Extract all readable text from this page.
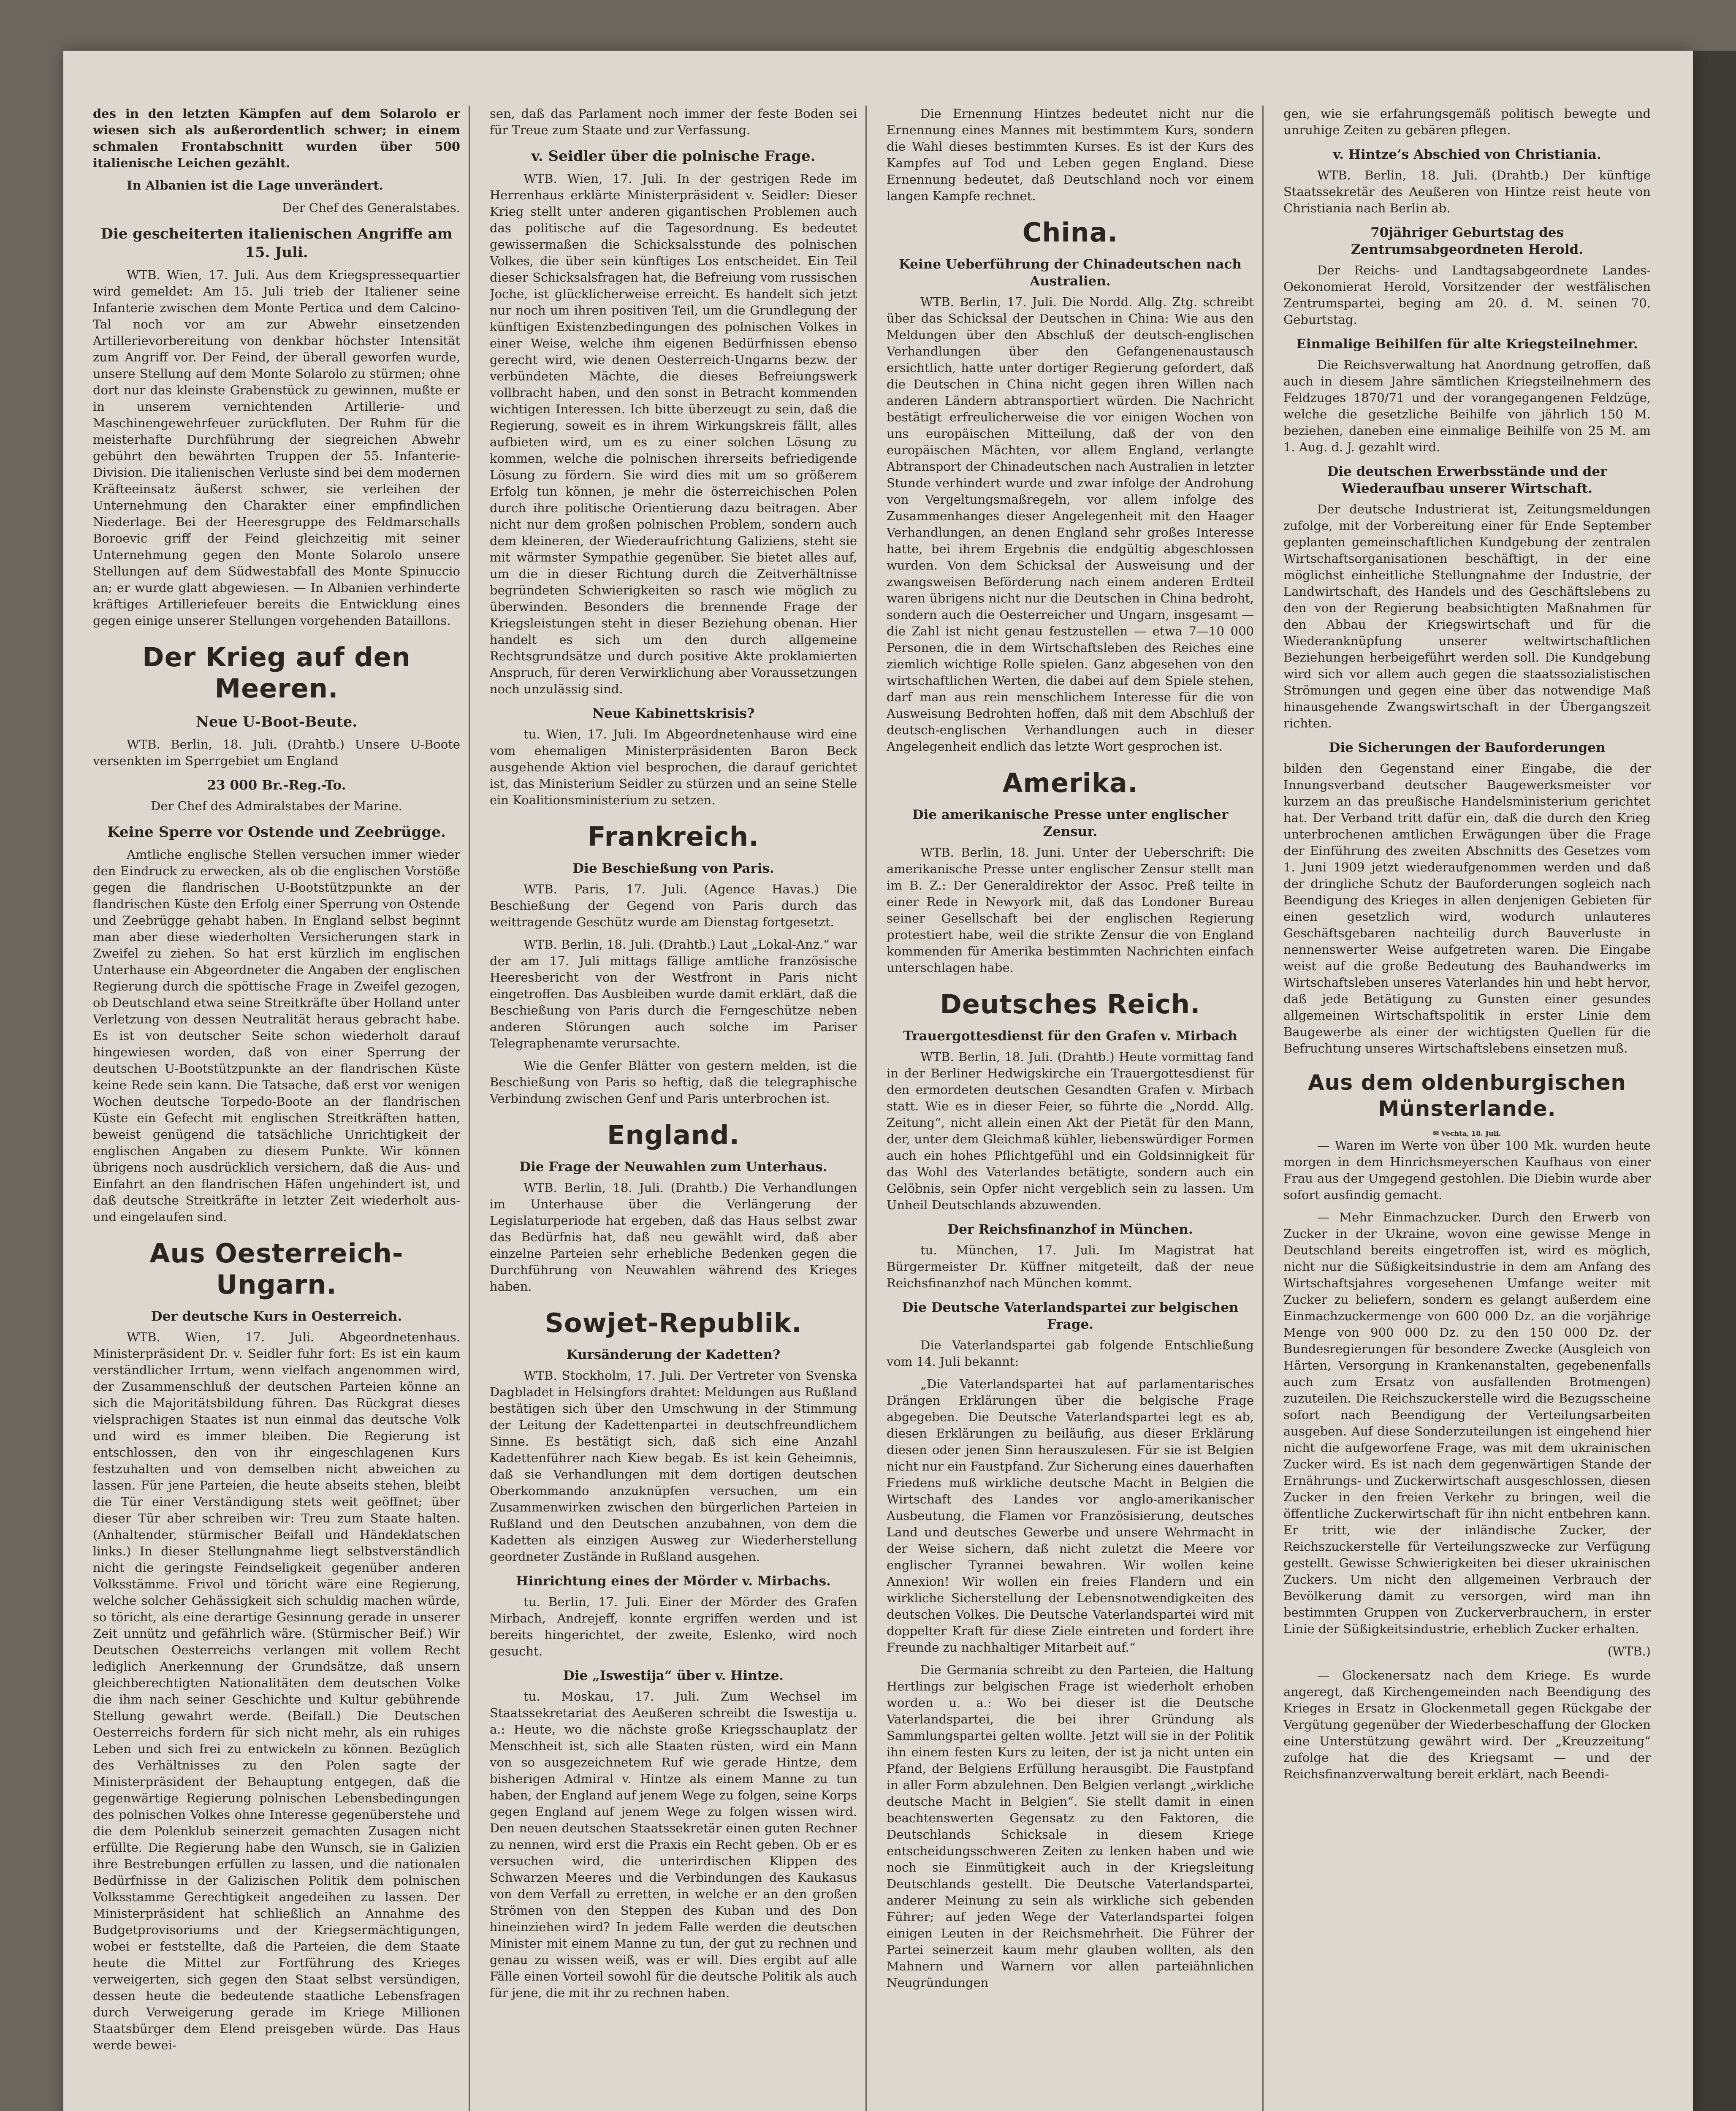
des in den letzten Kämpfen auf dem Solarolo er wiesen sich als außerordentlich schwer; in einem schmalen Frontabschnitt wurden über 500 italienische Leichen gezählt.

In Albanien ist die Lage unverändert.

Der Chef des Generalstabes.
Die gescheiterten italienischen Angriffe am 15. Juli.

WTB. Wien, 17. Juli. Aus dem Kriegspressequartier wird gemeldet: Am 15. Juli trieb der Italiener seine Infanterie zwischen dem Monte Pertica und dem Calcino-Tal noch vor am zur Abwehr einsetzenden Artillerievorbereitung von denkbar höchster Intensität zum Angriff vor. Der Feind, der überall geworfen wurde, unsere Stellung auf dem Monte Solarolo zu stürmen; ohne dort nur das kleinste Grabenstück zu gewinnen, mußte er in unserem vernichtenden Artillerie- und Maschinengewehrfeuer zurückfluten. Der Ruhm für die meisterhafte Durchführung der siegreichen Abwehr gebührt den bewährten Truppen der 55. Infanterie-Division. Die italienischen Verluste sind bei dem modernen Kräfteeinsatz äußerst schwer, sie verleihen der Unternehmung den Charakter einer empfindlichen Niederlage. Bei der Heeresgruppe des Feldmarschalls Boroevic griff der Feind gleichzeitig mit seiner Unternehmung gegen den Monte Solarolo unsere Stellungen auf dem Südwestabfall des Monte Spinuccio an; er wurde glatt abgewiesen. — In Albanien verhinderte kräftiges Artilleriefeuer bereits die Entwicklung eines gegen einige unserer Stellungen vorgehenden Bataillons.

Der Krieg auf den Meeren.
Neue U-Boot-Beute.

WTB. Berlin, 18. Juli. (Drahtb.) Unsere U-Boote versenkten im Sperrgebiet um England

23 000 Br.-Reg.-To.
Der Chef des Admiralstabes der Marine.
Keine Sperre vor Ostende und Zeebrügge.

Amtliche englische Stellen versuchen immer wieder den Eindruck zu erwecken, als ob die englischen Vorstöße gegen die flandrischen U-Bootstützpunkte an der flandrischen Küste den Erfolg einer Sperrung von Ostende und Zeebrügge gehabt haben. In England selbst beginnt man aber diese wiederholten Versicherungen stark in Zweifel zu ziehen. So hat erst kürzlich im englischen Unterhause ein Abgeordneter die Angaben der englischen Regierung durch die spöttische Frage in Zweifel gezogen, ob Deutschland etwa seine Streitkräfte über Holland unter Verletzung von dessen Neutralität heraus gebracht habe. Es ist von deutscher Seite schon wiederholt darauf hingewiesen worden, daß von einer Sperrung der deutschen U-Bootstützpunkte an der flandrischen Küste keine Rede sein kann. Die Tatsache, daß erst vor wenigen Wochen deutsche Torpedo-Boote an der flandrischen Küste ein Gefecht mit englischen Streitkräften hatten, beweist genügend die tatsächliche Unrichtigkeit der englischen Angaben zu diesem Punkte. Wir können übrigens noch ausdrücklich versichern, daß die Aus- und Einfahrt an den flandrischen Häfen ungehindert ist, und daß deutsche Streitkräfte in letzter Zeit wiederholt aus- und eingelaufen sind.

Aus Oesterreich-Ungarn.
Der deutsche Kurs in Oesterreich.

WTB. Wien, 17. Juli. Abgeordnetenhaus. Ministerpräsident Dr. v. Seidler fuhr fort: Es ist ein kaum verständlicher Irrtum, wenn vielfach angenommen wird, der Zusammenschluß der deutschen Parteien könne an sich die Majoritätsbildung führen. Das Rückgrat dieses vielsprachigen Staates ist nun einmal das deutsche Volk und wird es immer bleiben. Die Regierung ist entschlossen, den von ihr eingeschlagenen Kurs festzuhalten und von demselben nicht abweichen zu lassen. Für jene Parteien, die heute abseits stehen, bleibt die Tür einer Verständigung stets weit geöffnet; über dieser Tür aber schreiben wir: Treu zum Staate halten. (Anhaltender, stürmischer Beifall und Händeklatschen links.) In dieser Stellungnahme liegt selbstverständlich nicht die geringste Feindseligkeit gegenüber anderen Volksstämme. Frivol und töricht wäre eine Regierung, welche solcher Gehässigkeit sich schuldig machen würde, so töricht, als eine derartige Gesinnung gerade in unserer Zeit unnütz und gefährlich wäre. (Stürmischer Beif.) Wir Deutschen Oesterreichs verlangen mit vollem Recht lediglich Anerkennung der Grundsätze, daß unsern gleichberechtigten Nationalitäten dem deutschen Volke die ihm nach seiner Geschichte und Kultur gebührende Stellung gewahrt werde. (Beifall.) Die Deutschen Oesterreichs fordern für sich nicht mehr, als ein ruhiges Leben und sich frei zu entwickeln zu können. Bezüglich des Verhältnisses zu den Polen sagte der Ministerpräsident der Behauptung entgegen, daß die gegenwärtige Regierung polnischen Lebensbedingungen des polnischen Volkes ohne Interesse gegenüberstehe und die dem Polenklub seinerzeit gemachten Zusagen nicht erfüllte. Die Regierung habe den Wunsch, sie in Galizien ihre Bestrebungen erfüllen zu lassen, und die nationalen Bedürfnisse in der Galizischen Politik dem polnischen Volksstamme Gerechtigkeit angedeihen zu lassen. Der Ministerpräsident hat schließlich an Annahme des Budgetprovisoriums und der Kriegsermächtigungen, wobei er feststellte, daß die Parteien, die dem Staate heute die Mittel zur Fortführung des Krieges verweigerten, sich gegen den Staat selbst versündigen, dessen heute die bedeutende staatliche Lebensfragen durch Verweigerung gerade im Kriege Millionen Staatsbürger dem Elend preisgeben würde. Das Haus werde bewei-

sen, daß das Parlament noch immer der feste Boden sei für Treue zum Staate und zur Verfassung.

v. Seidler über die polnische Frage.

WTB. Wien, 17. Juli. In der gestrigen Rede im Herrenhaus erklärte Ministerpräsident v. Seidler: Dieser Krieg stellt unter anderen gigantischen Problemen auch das politische auf die Tagesordnung. Es bedeutet gewissermaßen die Schicksalsstunde des polnischen Volkes, die über sein künftiges Los entscheidet. Ein Teil dieser Schicksalsfragen hat, die Befreiung vom russischen Joche, ist glücklicherweise erreicht. Es handelt sich jetzt nur noch um ihren positiven Teil, um die Grundlegung der künftigen Existenzbedingungen des polnischen Volkes in einer Weise, welche ihm eigenen Bedürfnissen ebenso gerecht wird, wie denen Oesterreich-Ungarns bezw. der verbündeten Mächte, die dieses Befreiungswerk vollbracht haben, und den sonst in Betracht kommenden wichtigen Interessen. Ich bitte überzeugt zu sein, daß die Regierung, soweit es in ihrem Wirkungskreis fällt, alles aufbieten wird, um es zu einer solchen Lösung zu kommen, welche die polnischen ihrerseits befriedigende Lösung zu fördern. Sie wird dies mit um so größerem Erfolg tun können, je mehr die österreichischen Polen durch ihre politische Orientierung dazu beitragen. Aber nicht nur dem großen polnischen Problem, sondern auch dem kleineren, der Wiederaufrichtung Galiziens, steht sie mit wärmster Sympathie gegenüber. Sie bietet alles auf, um die in dieser Richtung durch die Zeitverhältnisse begründeten Schwierigkeiten so rasch wie möglich zu überwinden. Besonders die brennende Frage der Kriegsleistungen steht in dieser Beziehung obenan. Hier handelt es sich um den durch allgemeine Rechtsgrundsätze und durch positive Akte proklamierten Anspruch, für deren Verwirklichung aber Voraussetzungen noch unzulässig sind.

Neue Kabinettskrisis?

tu. Wien, 17. Juli. Im Abgeordnetenhause wird eine vom ehemaligen Ministerpräsidenten Baron Beck ausgehende Aktion viel besprochen, die darauf gerichtet ist, das Ministerium Seidler zu stürzen und an seine Stelle ein Koalitionsministerium zu setzen.

Frankreich.
Die Beschießung von Paris.

WTB. Paris, 17. Juli. (Agence Havas.) Die Beschießung der Gegend von Paris durch das weittragende Geschütz wurde am Dienstag fortgesetzt.

WTB. Berlin, 18. Juli. (Drahtb.) Laut „Lokal-Anz.“ war der am 17. Juli mittags fällige amtliche französische Heeresbericht von der Westfront in Paris nicht eingetroffen. Das Ausbleiben wurde damit erklärt, daß die Beschießung von Paris durch die Ferngeschütze neben anderen Störungen auch solche im Pariser Telegraphenamte verursachte.

Wie die Genfer Blätter von gestern melden, ist die Beschießung von Paris so heftig, daß die telegraphische Verbindung zwischen Genf und Paris unterbrochen ist.

England.
Die Frage der Neuwahlen zum Unterhaus.

WTB. Berlin, 18. Juli. (Drahtb.) Die Verhandlungen im Unterhause über die Verlängerung der Legislaturperiode hat ergeben, daß das Haus selbst zwar das Bedürfnis hat, daß neu gewählt wird, daß aber einzelne Parteien sehr erhebliche Bedenken gegen die Durchführung von Neuwahlen während des Krieges haben.

Sowjet-Republik.
Kursänderung der Kadetten?

WTB. Stockholm, 17. Juli. Der Vertreter von Svenska Dagbladet in Helsingfors drahtet: Meldungen aus Rußland bestätigen sich über den Umschwung in der Stimmung der Leitung der Kadettenpartei in deutschfreundlichem Sinne. Es bestätigt sich, daß sich eine Anzahl Kadettenführer nach Kiew begab. Es ist kein Geheimnis, daß sie Verhandlungen mit dem dortigen deutschen Oberkommando anzuknüpfen versuchen, um ein Zusammenwirken zwischen den bürgerlichen Parteien in Rußland und den Deutschen anzubahnen, von dem die Kadetten als einzigen Ausweg zur Wiederherstellung geordneter Zustände in Rußland ausgehen.

Hinrichtung eines der Mörder v. Mirbachs.

tu. Berlin, 17. Juli. Einer der Mörder des Grafen Mirbach, Andrejeff, konnte ergriffen werden und ist bereits hingerichtet, der zweite, Eslenko, wird noch gesucht.

Die „Iswestija“ über v. Hintze.

tu. Moskau, 17. Juli. Zum Wechsel im Staatssekretariat des Aeußeren schreibt die Iswestija u. a.: Heute, wo die nächste große Kriegsschauplatz der Menschheit ist, sich alle Staaten rüsten, wird ein Mann von so ausgezeichnetem Ruf wie gerade Hintze, dem bisherigen Admiral v. Hintze als einem Manne zu tun haben, der England auf jenem Wege zu folgen, seine Korps gegen England auf jenem Wege zu folgen wissen wird. Den neuen deutschen Staatssekretär einen guten Rechner zu nennen, wird erst die Praxis ein Recht geben. Ob er es versuchen wird, die unterirdischen Klippen des Schwarzen Meeres und die Verbindungen des Kaukasus von dem Verfall zu erretten, in welche er an den großen Strömen von den Steppen des Kuban und des Don hineinziehen wird? In jedem Falle werden die deutschen Minister mit einem Manne zu tun, der gut zu rechnen und genau zu wissen weiß, was er will. Dies ergibt auf alle Fälle einen Vorteil sowohl für die deutsche Politik als auch für jene, die mit ihr zu rechnen haben.

Die Ernennung Hintzes bedeutet nicht nur die Ernennung eines Mannes mit bestimmtem Kurs, sondern die Wahl dieses bestimmten Kurses. Es ist der Kurs des Kampfes auf Tod und Leben gegen England. Diese Ernennung bedeutet, daß Deutschland noch vor einem langen Kampfe rechnet.

China.
Keine Ueberführung der Chinadeutschen nach Australien.

WTB. Berlin, 17. Juli. Die Nordd. Allg. Ztg. schreibt über das Schicksal der Deutschen in China: Wie aus den Meldungen über den Abschluß der deutsch-englischen Verhandlungen über den Gefangenenaustausch ersichtlich, hatte unter dortiger Regierung gefordert, daß die Deutschen in China nicht gegen ihren Willen nach anderen Ländern abtransportiert würden. Die Nachricht bestätigt erfreulicherweise die vor einigen Wochen von uns europäischen Mitteilung, daß der von den europäischen Mächten, vor allem England, verlangte Abtransport der Chinadeutschen nach Australien in letzter Stunde verhindert wurde und zwar infolge der Androhung von Vergeltungsmaßregeln, vor allem infolge des Zusammenhanges dieser Angelegenheit mit den Haager Verhandlungen, an denen England sehr großes Interesse hatte, bei ihrem Ergebnis die endgültig abgeschlossen wurden. Von dem Schicksal der Ausweisung und der zwangsweisen Beförderung nach einem anderen Erdteil waren übrigens nicht nur die Deutschen in China bedroht, sondern auch die Oesterreicher und Ungarn, insgesamt — die Zahl ist nicht genau festzustellen — etwa 7—10 000 Personen, die in dem Wirtschaftsleben des Reiches eine ziemlich wichtige Rolle spielen. Ganz abgesehen von den wirtschaftlichen Werten, die dabei auf dem Spiele stehen, darf man aus rein menschlichem Interesse für die von Ausweisung Bedrohten hoffen, daß mit dem Abschluß der deutsch-englischen Verhandlungen auch in dieser Angelegenheit endlich das letzte Wort gesprochen ist.

Amerika.
Die amerikanische Presse unter englischer Zensur.

WTB. Berlin, 18. Juni. Unter der Ueberschrift: Die amerikanische Presse unter englischer Zensur stellt man im B. Z.: Der Generaldirektor der Assoc. Preß teilte in einer Rede in Newyork mit, daß das Londoner Bureau seiner Gesellschaft bei der englischen Regierung protestiert habe, weil die strikte Zensur die von England kommenden für Amerika bestimmten Nachrichten einfach unterschlagen habe.

Deutsches Reich.
Trauergottesdienst für den Grafen v. Mirbach

WTB. Berlin, 18. Juli. (Drahtb.) Heute vormittag fand in der Berliner Hedwigskirche ein Trauergottesdienst für den ermordeten deutschen Gesandten Grafen v. Mirbach statt. Wie es in dieser Feier, so führte die „Nordd. Allg. Zeitung“, nicht allein einen Akt der Pietät für den Mann, der, unter dem Gleichmaß kühler, liebenswürdiger Formen auch ein hohes Pflichtgefühl und ein Goldsinnigkeit für das Wohl des Vaterlandes betätigte, sondern auch ein Gelöbnis, sein Opfer nicht vergeblich sein zu lassen. Um Unheil Deutschlands abzuwenden.

Der Reichsfinanzhof in München.

tu. München, 17. Juli. Im Magistrat hat Bürgermeister Dr. Küffner mitgeteilt, daß der neue Reichsfinanzhof nach München kommt.

Die Deutsche Vaterlandspartei zur belgischen Frage.

Die Vaterlandspartei gab folgende Entschließung vom 14. Juli bekannt:

„Die Vaterlandspartei hat auf parlamentarisches Drängen Erklärungen über die belgische Frage abgegeben. Die Deutsche Vaterlandspartei legt es ab, diesen Erklärungen zu beiläufig, aus dieser Erklärung diesen oder jenen Sinn herauszulesen. Für sie ist Belgien nicht nur ein Faustpfand. Zur Sicherung eines dauerhaften Friedens muß wirkliche deutsche Macht in Belgien die Wirtschaft des Landes vor anglo-amerikanischer Ausbeutung, die Flamen vor Französisierung, deutsches Land und deutsches Gewerbe und unsere Wehrmacht in der Weise sichern, daß nicht zuletzt die Meere vor englischer Tyrannei bewahren. Wir wollen keine Annexion! Wir wollen ein freies Flandern und ein wirkliche Sicherstellung der Lebensnotwendigkeiten des deutschen Volkes. Die Deutsche Vaterlandspartei wird mit doppelter Kraft für diese Ziele eintreten und fordert ihre Freunde zu nachhaltiger Mitarbeit auf.“

Die Germania schreibt zu den Parteien, die Haltung Hertlings zur belgischen Frage ist wiederholt erhoben worden u. a.: Wo bei dieser ist die Deutsche Vaterlandspartei, die bei ihrer Gründung als Sammlungspartei gelten wollte. Jetzt will sie in der Politik ihn einem festen Kurs zu leiten, der ist ja nicht unten ein Pfand, der Belgiens Erfüllung herausgibt. Die Faustpfand in aller Form abzulehnen. Den Belgien verlangt „wirkliche deutsche Macht in Belgien“. Sie stellt damit in einen beachtenswerten Gegensatz zu den Faktoren, die Deutschlands Schicksale in diesem Kriege entscheidungsschweren Zeiten zu lenken haben und wie noch sie Einmütigkeit auch in der Kriegsleitung Deutschlands gestellt. Die Deutsche Vaterlandspartei, anderer Meinung zu sein als wirkliche sich gebenden Führer; auf jeden Wege der Vaterlandspartei folgen einigen Leuten in der Reichsmehrheit. Die Führer der Partei seinerzeit kaum mehr glauben wollten, als den Mahnern und Warnern vor allen parteiähnlichen Neugründungen

gen, wie sie erfahrungsgemäß politisch bewegte und unruhige Zeiten zu gebären pflegen.

v. Hintze’s Abschied von Christiania.

WTB. Berlin, 18. Juli. (Drahtb.) Der künftige Staatssekretär des Aeußeren von Hintze reist heute von Christiania nach Berlin ab.

70jähriger Geburtstag des Zentrumsabgeordneten Herold.

Der Reichs- und Landtagsabgeordnete Landes-Oekonomierat Herold, Vorsitzender der westfälischen Zentrumspartei, beging am 20. d. M. seinen 70. Geburtstag.

Einmalige Beihilfen für alte Kriegsteilnehmer.

Die Reichsverwaltung hat Anordnung getroffen, daß auch in diesem Jahre sämtlichen Kriegsteilnehmern des Feldzuges 1870/71 und der vorangegangenen Feldzüge, welche die gesetzliche Beihilfe von jährlich 150 M. beziehen, daneben eine einmalige Beihilfe von 25 M. am 1. Aug. d. J. gezahlt wird.

Die deutschen Erwerbsstände und der Wiederaufbau unserer Wirtschaft.

Der deutsche Industrierat ist, Zeitungsmeldungen zufolge, mit der Vorbereitung einer für Ende September geplanten gemeinschaftlichen Kundgebung der zentralen Wirtschaftsorganisationen beschäftigt, in der eine möglichst einheitliche Stellungnahme der Industrie, der Landwirtschaft, des Handels und des Geschäftslebens zu den von der Regierung beabsichtigten Maßnahmen für den Abbau der Kriegswirtschaft und für die Wiederanknüpfung unserer weltwirtschaftlichen Beziehungen herbeigeführt werden soll. Die Kundgebung wird sich vor allem auch gegen die staatssozialistischen Strömungen und gegen eine über das notwendige Maß hinausgehende Zwangswirtschaft in der Übergangszeit richten.

Die Sicherungen der Bauforderungen

bilden den Gegenstand einer Eingabe, die der Innungsverband deutscher Baugewerksmeister vor kurzem an das preußische Handelsministerium gerichtet hat. Der Verband tritt dafür ein, daß die durch den Krieg unterbrochenen amtlichen Erwägungen über die Frage der Einführung des zweiten Abschnitts des Gesetzes vom 1. Juni 1909 jetzt wiederaufgenommen werden und daß der dringliche Schutz der Bauforderungen sogleich nach Beendigung des Krieges in allen denjenigen Gebieten für einen gesetzlich wird, wodurch unlauteres Geschäftsgebaren nachteilig durch Bauverluste in nennenswerter Weise aufgetreten waren. Die Eingabe weist auf die große Bedeutung des Bauhandwerks im Wirtschaftsleben unseres Vaterlandes hin und hebt hervor, daß jede Betätigung zu Gunsten einer gesundes allgemeinen Wirtschaftspolitik in erster Linie dem Baugewerbe als einer der wichtigsten Quellen für die Befruchtung unseres Wirtschaftslebens einsetzen muß.

Aus dem oldenburgischen Münsterlande.
✉ Vechta, 18. Juli.

— Waren im Werte von über 100 Mk. wurden heute morgen in dem Hinrichsmeyerschen Kaufhaus von einer Frau aus der Umgegend gestohlen. Die Diebin wurde aber sofort ausfindig gemacht.

— Mehr Einmachzucker. Durch den Erwerb von Zucker in der Ukraine, wovon eine gewisse Menge in Deutschland bereits eingetroffen ist, wird es möglich, nicht nur die Süßigkeitsindustrie in dem am Anfang des Wirtschaftsjahres vorgesehenen Umfange weiter mit Zucker zu beliefern, sondern es gelangt außerdem eine Einmachzuckermenge von 600 000 Dz. an die vorjährige Menge von 900 000 Dz. zu den 150 000 Dz. der Bundesregierungen für besondere Zwecke (Ausgleich von Härten, Versorgung in Krankenanstalten, gegebenenfalls auch zum Ersatz von ausfallenden Brotmengen) zuzuteilen. Die Reichszuckerstelle wird die Bezugsscheine sofort nach Beendigung der Verteilungsarbeiten ausgeben. Auf diese Sonderzuteilungen ist eingehend hier nicht die aufgeworfene Frage, was mit dem ukrainischen Zucker wird. Es ist nach dem gegenwärtigen Stande der Ernährungs- und Zuckerwirtschaft ausgeschlossen, diesen Zucker in den freien Verkehr zu bringen, weil die öffentliche Zuckerwirtschaft für ihn nicht entbehren kann. Er tritt, wie der inländische Zucker, der Reichszuckerstelle für Verteilungszwecke zur Verfügung gestellt. Gewisse Schwierigkeiten bei dieser ukrainischen Zuckers. Um nicht den allgemeinen Verbrauch der Bevölkerung damit zu versorgen, wird man ihn bestimmten Gruppen von Zuckerverbrauchern, in erster Linie der Süßigkeitsindustrie, erheblich Zucker erhalten.

(WTB.)

— Glockenersatz nach dem Kriege. Es wurde angeregt, daß Kirchengemeinden nach Beendigung des Krieges in Ersatz in Glockenmetall gegen Rückgabe der Vergütung gegenüber der Wiederbeschaffung der Glocken eine Unterstützung gewährt wird. Der „Kreuzzeitung“ zufolge hat die des Kriegsamt — und der Reichsfinanzverwaltung bereit erklärt, nach Beendi-
